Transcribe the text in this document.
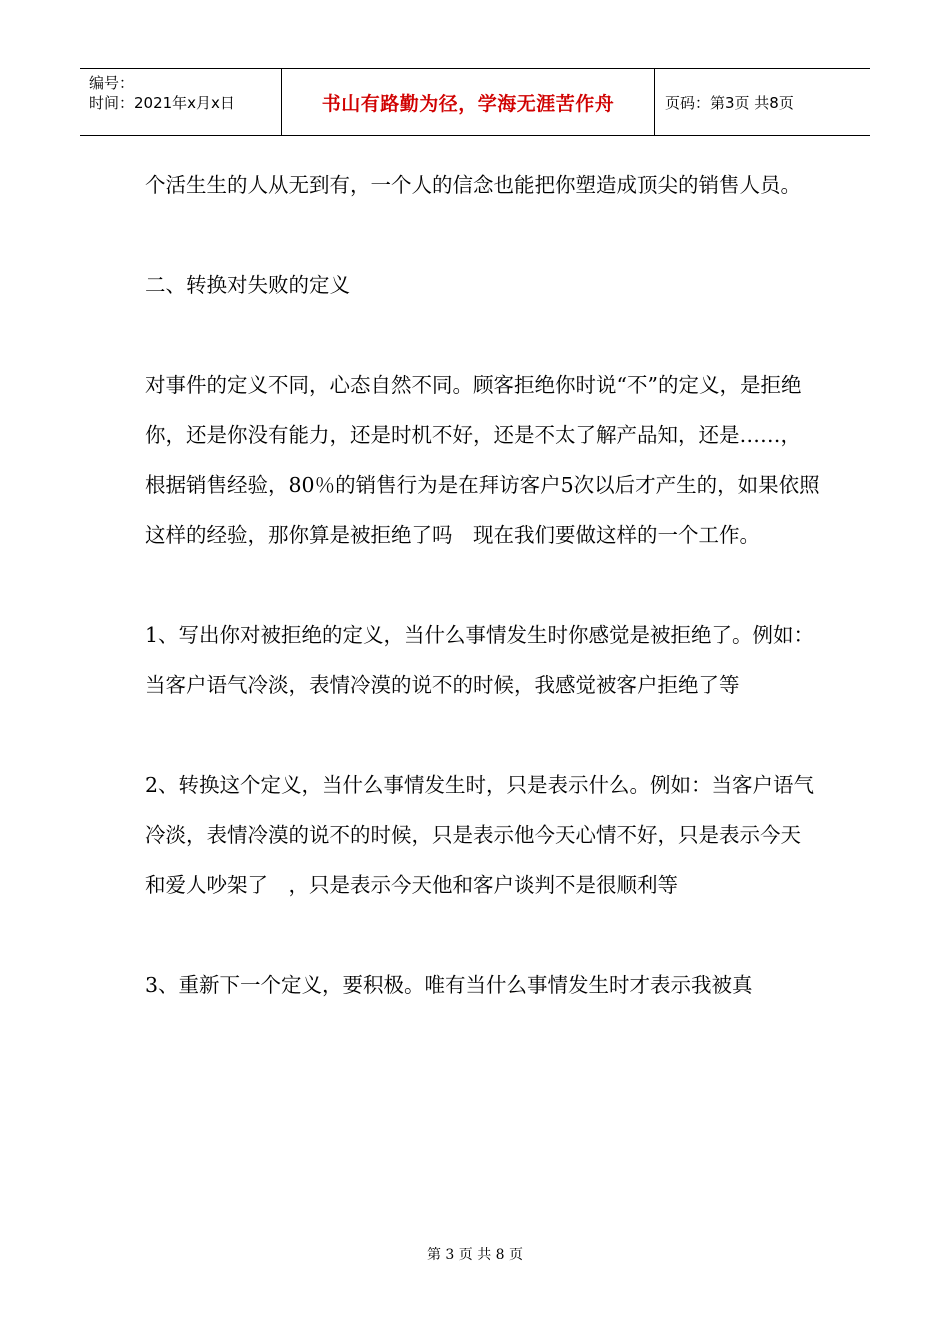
编号：
时间：2021年x月x日	书山有路勤为径，学海无涯苦作舟	页码：第3页 共8页

个活生生的人从无到有，一个人的信念也能把你塑造成顶尖的销售人员。

二、转换对失败的定义

对事件的定义不同，心态自然不同。顾客拒绝你时说“不”的定义，是拒绝你，还是你没有能力，还是时机不好，还是不太了解产品知，还是……，根据销售经验，80％的销售行为是在拜访客户5次以后才产生的，如果依照这样的经验，那你算是被拒绝了吗　现在我们要做这样的一个工作。

1、写出你对被拒绝的定义，当什么事情发生时你感觉是被拒绝了。例如：当客户语气冷淡，表情冷漠的说不的时候，我感觉被客户拒绝了等

2、转换这个定义，当什么事情发生时，只是表示什么。例如：当客户语气冷淡，表情冷漠的说不的时候，只是表示他今天心情不好，只是表示今天和爱人吵架了　，只是表示今天他和客户谈判不是很顺利等

3、重新下一个定义，要积极。唯有当什么事情发生时才表示我被真

第 3 页 共 8 页
